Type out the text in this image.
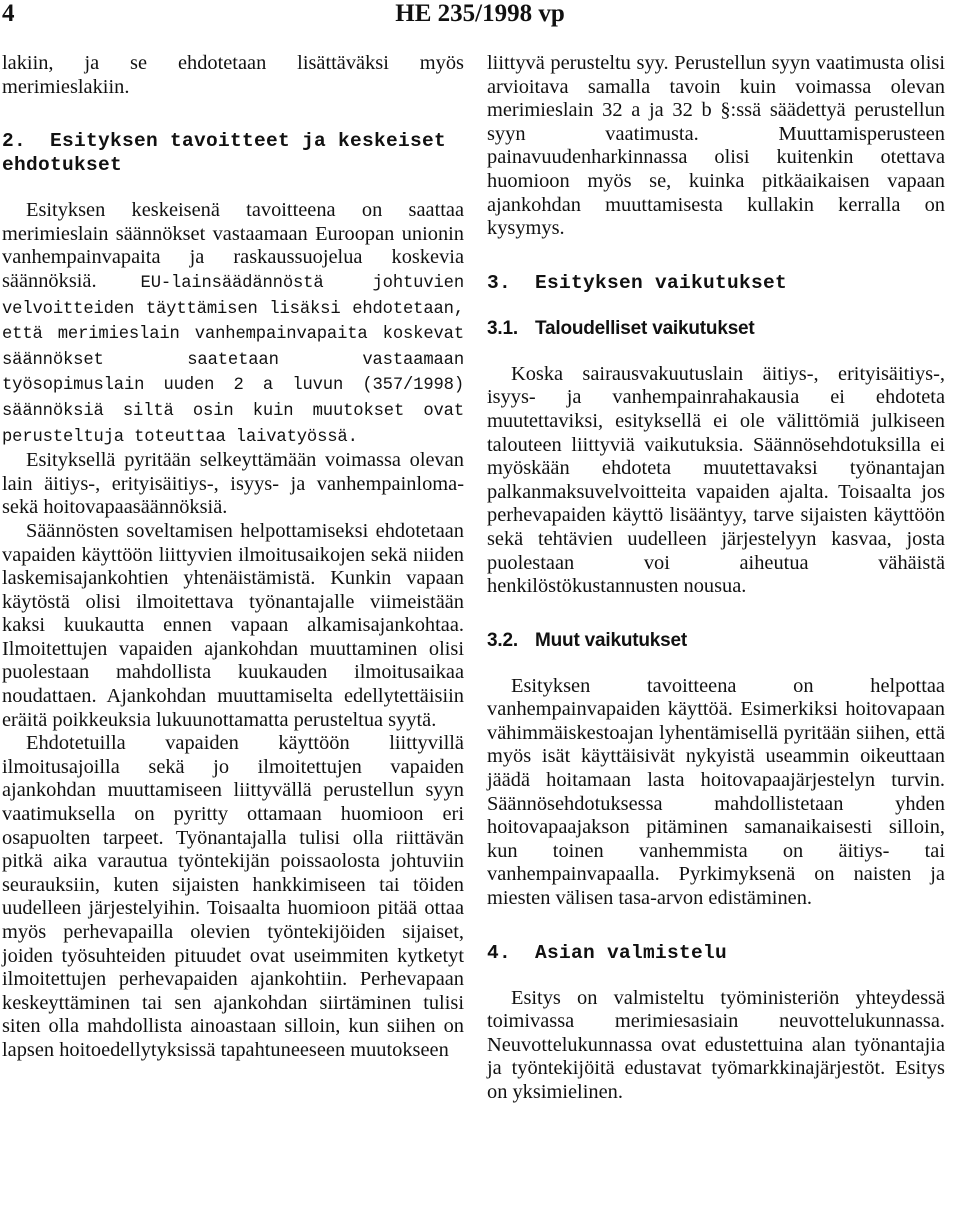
4	HE 235/1998 vp

lakiin, ja se ehdotetaan lisättäväksi myös merimieslakiin.

2. Esityksen tavoitteet ja keskeiset ehdotukset

Esityksen keskeisenä tavoitteena on saattaa merimieslain säännökset vastaamaan Euroopan unionin vanhempainvapaita ja raskaussuojelua koskevia säännöksiä.	EU-lainsäädännöstä johtuvien velvoitteiden täyttämisen lisäksi ehdotetaan, että merimieslain vanhempainvapaita koskevat säännökset saatetaan vastaamaan työsopimuslain uuden 2 a luvun (357/1998) säännöksiä siltä osin kuin muutokset ovat perusteltuja toteuttaa laivatyössä.

Esityksellä pyritään selkeyttämään voimassa olevan lain äitiys-, erityisäitiys-, isyys- ja vanhempainloma- sekä hoitovapaasäännöksiä.

Säännösten soveltamisen helpottamiseksi ehdotetaan vapaiden käyttöön liittyvien ilmoitusaikojen sekä niiden laskemisajankohtien yhtenäistämistä. Kunkin vapaan käytöstä olisi ilmoitettava työnantajalle viimeistään kaksi kuukautta ennen vapaan alkamisajankohtaa. Ilmoitettujen vapaiden ajankohdan muuttaminen olisi puolestaan mahdollista kuukauden ilmoitusaikaa noudattaen. Ajankohdan muuttamiselta edellytettäisiin eräitä poikkeuksia lukuunottamatta perusteltua syytä.

Ehdotetuilla vapaiden käyttöön liittyvillä ilmoitusajoilla sekä jo ilmoitettujen vapaiden ajankohdan muuttamiseen liittyvällä perustellun syyn vaatimuksella on pyritty ottamaan huomioon eri osapuolten tarpeet. Työnantajalla tulisi olla riittävän pitkä aika varautua työntekijän poissaolosta johtuviin seurauksiin, kuten sijaisten hankkimiseen tai töiden uudelleen järjestelyihin. Toisaalta huomioon pitää ottaa myös perhevapailla olevien työntekijöiden sijaiset, joiden työsuhteiden pituudet ovat useimmiten kytketyt ilmoitettujen perhevapaiden ajankohtiin. Perhevapaan keskeyttäminen tai sen ajankohdan siirtäminen tulisi siten olla mahdollista ainoastaan silloin, kun siihen on lapsen hoitoedellytyksissä tapahtuneeseen muutokseen

liittyvä perusteltu syy. Perustellun syyn vaatimusta olisi arvioitava samalla tavoin kuin voimassa olevan merimieslain 32 a ja 32 b §:ssä säädettyä perustellun syyn vaatimusta. Muuttamisperusteen painavuudenharkinnassa olisi kuitenkin otettava huomioon myös se, kuinka pitkäaikaisen vapaan ajankohdan muuttamisesta kullakin kerralla on kysymys.

3. Esityksen vaikutukset
3.1. Taloudelliset vaikutukset

Koska sairausvakuutuslain äitiys-, erityisäitiys-, isyys- ja vanhempainrahakausia ei ehdoteta muutettaviksi, esityksellä ei ole välittömiä julkiseen talouteen liittyviä vaikutuksia. Säännösehdotuksilla ei myöskään ehdoteta muutettavaksi työnantajan palkanmaksuvelvoitteita vapaiden ajalta. Toisaalta jos perhevapaiden käyttö lisääntyy, tarve sijaisten käyttöön sekä tehtävien uudelleen järjestelyyn kasvaa, josta puolestaan voi aiheutua vähäistä henkilöstökustannusten nousua.

3.2. Muut vaikutukset

Esityksen tavoitteena on helpottaa vanhempainvapaiden käyttöä. Esimerkiksi hoitovapaan vähimmäiskestoajan lyhentämisellä pyritään siihen, että myös isät käyttäisivät nykyistä useammin oikeuttaan jäädä hoitamaan lasta hoitovapaajärjestelyn turvin. Säännösehdotuksessa mahdollistetaan yhden hoitovapaajakson pitäminen samanaikaisesti silloin, kun toinen vanhemmista on äitiys- tai vanhempainvapaalla. Pyrkimyksenä on naisten ja miesten välisen tasa-arvon edistäminen.

4. Asian valmistelu

Esitys on valmisteltu työministeriön yhteydessä toimivassa merimiesasiain neuvottelukunnassa. Neuvottelukunnassa ovat edustettuina alan työnantajia ja työntekijöitä edustavat työmarkkinajärjestöt. Esitys on yksimielinen.
